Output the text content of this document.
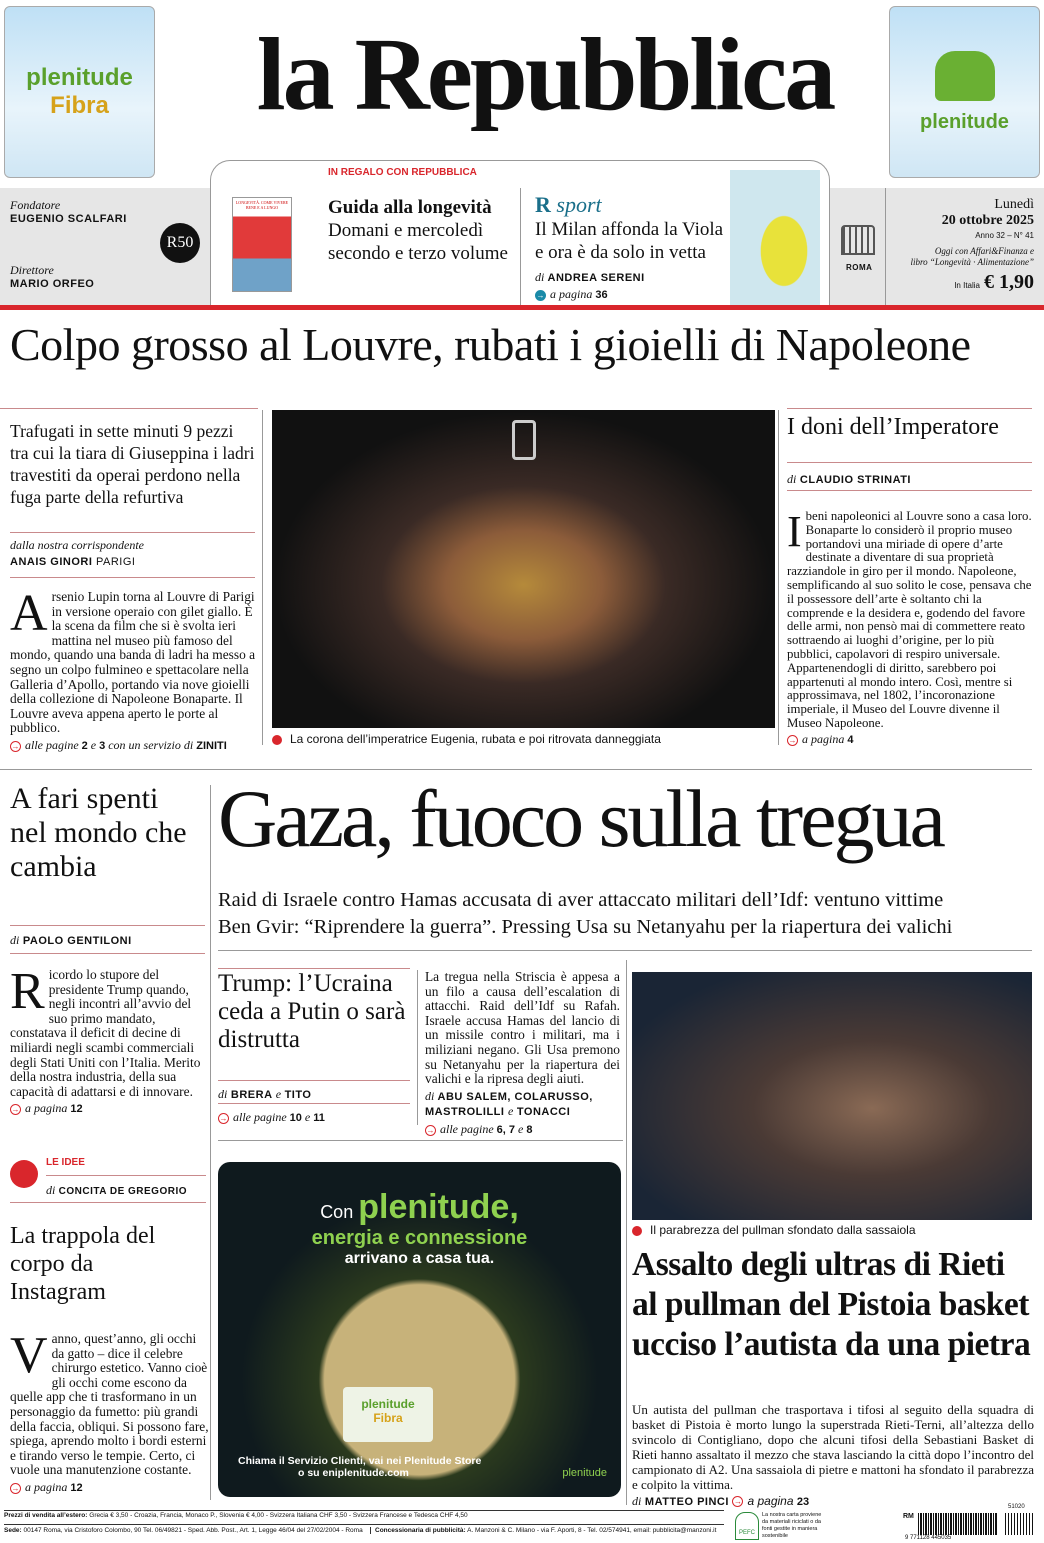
plenitude
Fibra	la Repubblica	plenitude
Fondatore
EUGENIO SCALFARI
Direttore
MARIO ORFEO
R50
LONGEVITÀ. COME VIVERE BENE E A LUNGO
IN REGALO CON REPUBBLICA
Guida alla longevità
Domani e mercoledì
secondo e terzo volume
R sport
Il Milan affonda la Viola
e ora è da solo in vetta
di ANDREA SERENI
→ a pagina 36
ROMA
Lunedì
20 ottobre 2025
Anno 32 – N° 41
Oggi con Affari&Finanza e
libro “Longevità · Alimentazione”
In Italia € 1,90
Colpo grosso al Louvre, rubati i gioielli di Napoleone
Trafugati in sette minuti 9 pezzi tra cui la tiara di Giuseppina i ladri travestiti da operai perdono nella fuga parte della refurtiva
dalla nostra corrispondente
ANAIS GINORI PARIGI
Arsenio Lupin torna al Louvre di Parigi in versione operaio con gilet giallo. È la scena da film che si è svolta ieri mattina nel museo più famoso del mondo, quando una banda di ladri ha messo a segno un colpo fulmineo e spettacolare nella Galleria d’Apollo, portando via nove gioielli della collezione di Napoleone Bonaparte. Il Louvre aveva appena aperto le porte al pubblico.
→ alle pagine 2 e 3 con un servizio di ZINITI	La corona dell’imperatrice Eugenia, rubata e poi ritrovata danneggiata
I doni dell’Imperatore
di CLAUDIO STRINATI
Ibeni napoleonici al Louvre sono a casa loro. Bonaparte lo considerò il proprio museo portandovi una miriade di opere d’arte destinate a diventare di sua proprietà razziandole in giro per il mondo. Napoleone, semplificando al suo solito le cose, pensava che il possessore dell’arte è soltanto chi la comprende e la desidera e, godendo del favore delle armi, non pensò mai di commettere reato sottraendo ai luoghi d’origine, per lo più pubblici, capolavori di respiro universale. Appartenendogli di diritto, sarebbero poi appartenuti al mondo intero. Così, mentre si approssimava, nel 1802, l’incoronazione imperiale, il Museo del Louvre divenne il Museo Napoleone.
→ a pagina 4
A fari spenti nel mondo che cambia
di PAOLO GENTILONI
Ricordo lo stupore del presidente Trump quando, negli incontri all’avvio del suo primo mandato, constatava il deficit di decine di miliardi negli scambi commerciali degli Stati Uniti con l’Italia. Merito della nostra industria, della sua capacità di adattarsi e di innovare.
→ a pagina 12
Gaza, fuoco sulla tregua
Raid di Israele contro Hamas accusata di aver attaccato militari dell’Idf: ventuno vittime
Ben Gvir: “Riprendere la guerra”. Pressing Usa su Netanyahu per la riapertura dei valichi
Trump: l’Ucraina ceda a Putin o sarà distrutta
di BRERA e TITO
→ alle pagine 10 e 11
La tregua nella Striscia è appesa a un filo a causa dell’escalation di attacchi. Raid dell’Idf su Rafah. Israele accusa Hamas del lancio di un missile contro i militari, ma i miliziani negano. Gli Usa premono su Netanyahu per la riapertura dei valichi e la ripresa degli aiuti.
di ABU SALEM, COLARUSSO,
MASTROLILLI e TONACCI
→ alle pagine 6, 7 e 8
LE IDEE
di CONCITA DE GREGORIO
La trappola del corpo da Instagram
Vanno, quest’anno, gli occhi da gatto – dice il celebre chirurgo estetico. Vanno cioè gli occhi come escono da quelle app che ti trasformano in un personaggio da fumetto: più grandi della faccia, obliqui. Si possono fare, spiega, aprendo molto i bordi esterni e tirando verso le tempie. Certo, ci vuole una manutenzione costante.
→ a pagina 12
Con plenitude,
energia e connessione
arrivano a casa tua.
plenitude
Fibra
plenitude
Chiama il Servizio Clienti, vai nei Plenitude Store
o su eniplenitude.com
Il parabrezza del pullman sfondato dalla sassaiola
Assalto degli ultras di Rieti al pullman del Pistoia basket ucciso l’autista da una pietra
Un autista del pullman che trasportava i tifosi al seguito della squadra di basket di Pistoia è morto lungo la superstrada Rieti-Terni, all’altezza dello svincolo di Contigliano, dopo che alcuni tifosi della Sebastiani Basket di Rieti hanno assaltato il mezzo che stava lasciando la città dopo l’incontro del campionato di A2. Una sassaiola di pietre e mattoni ha sfondato il parabrezza e colpito la vittima.
di MATTEO PINCI → a pagina 23
Prezzi di vendita all’estero: Grecia € 3,50 - Croazia, Francia, Monaco P., Slovenia € 4,00 - Svizzera Italiana CHF 3,50 - Svizzera Francese e Tedesca CHF 4,50
Sede: 00147 Roma, via Cristoforo Colombo, 90 Tel. 06/49821 - Sped. Abb. Post., Art. 1, Legge 46/04 del 27/02/2004 - Roma	Concessionaria di pubblicità: A. Manzoni & C. Milano - via F. Aporti, 8 - Tel. 02/574941, email: pubblicita@manzoni.it	PEFC
La nostra carta proviene da materiali riciclati o da fonti gestite in maniera sostenibile
RM
9 771128 445035
51020
